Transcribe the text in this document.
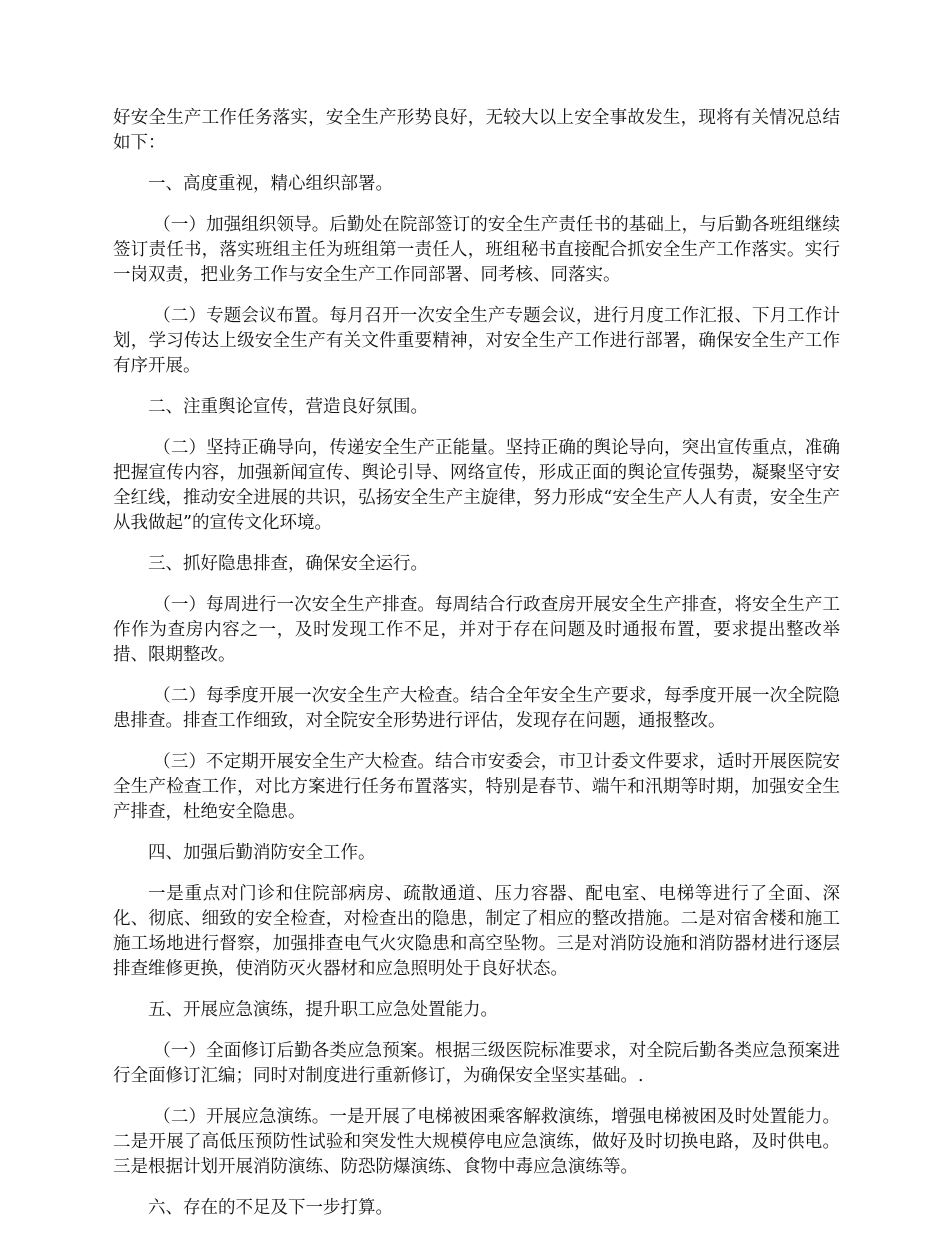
好安全生产工作任务落实，安全生产形势良好，无较大以上安全事故发生，现将有关情况总结如下：

一、高度重视，精心组织部署。

（一）加强组织领导。后勤处在院部签订的安全生产责任书的基础上，与后勤各班组继续签订责任书，落实班组主任为班组第一责任人，班组秘书直接配合抓安全生产工作落实。实行一岗双责，把业务工作与安全生产工作同部署、同考核、同落实。

（二）专题会议布置。每月召开一次安全生产专题会议，进行月度工作汇报、下月工作计划，学习传达上级安全生产有关文件重要精神，对安全生产工作进行部署，确保安全生产工作有序开展。

二、注重舆论宣传，营造良好氛围。

（二）坚持正确导向，传递安全生产正能量。坚持正确的舆论导向，突出宣传重点，准确把握宣传内容，加强新闻宣传、舆论引导、网络宣传，形成正面的舆论宣传强势，凝聚坚守安全红线，推动安全进展的共识，弘扬安全生产主旋律，努力形成“安全生产人人有责，安全生产从我做起”的宣传文化环境。

三、抓好隐患排查，确保安全运行。

（一）每周进行一次安全生产排查。每周结合行政查房开展安全生产排查，将安全生产工作作为查房内容之一，及时发现工作不足，并对于存在问题及时通报布置，要求提出整改举措、限期整改。

（二）每季度开展一次安全生产大检查。结合全年安全生产要求，每季度开展一次全院隐患排查。排查工作细致，对全院安全形势进行评估，发现存在问题，通报整改。

（三）不定期开展安全生产大检查。结合市安委会，市卫计委文件要求，适时开展医院安全生产检查工作，对比方案进行任务布置落实，特别是春节、端午和汛期等时期，加强安全生产排查，杜绝安全隐患。

四、加强后勤消防安全工作。

一是重点对门诊和住院部病房、疏散通道、压力容器、配电室、电梯等进行了全面、深化、彻底、细致的安全检查，对检查出的隐患，制定了相应的整改措施。二是对宿舍楼和施工施工场地进行督察，加强排查电气火灾隐患和高空坠物。三是对消防设施和消防器材进行逐层排查维修更换，使消防灭火器材和应急照明处于良好状态。

五、开展应急演练，提升职工应急处置能力。

（一）全面修订后勤各类应急预案。根据三级医院标准要求，对全院后勤各类应急预案进行全面修订汇编；同时对制度进行重新修订，为确保安全坚实基础。.

（二）开展应急演练。一是开展了电梯被困乘客解救演练，增强电梯被困及时处置能力。二是开展了高低压预防性试验和突发性大规模停电应急演练，做好及时切换电路，及时供电。三是根据计划开展消防演练、防恐防爆演练、食物中毒应急演练等。

六、存在的不足及下一步打算。
